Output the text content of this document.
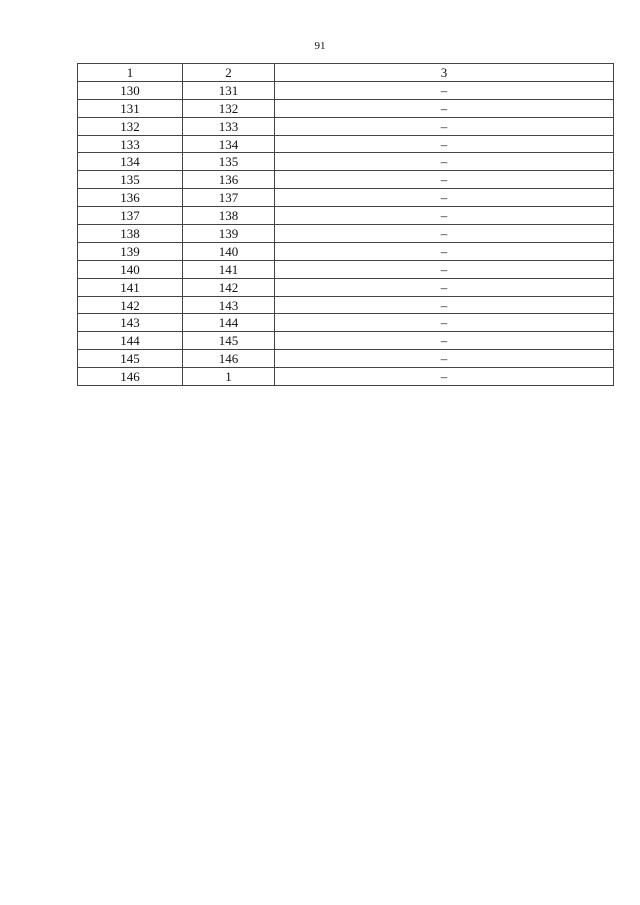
91
1	2	3
130	131	–
131	132	–
132	133	–
133	134	–
134	135	–
135	136	–
136	137	–
137	138	–
138	139	–
139	140	–
140	141	–
141	142	–
142	143	–
143	144	–
144	145	–
145	146	–
146	1	–
